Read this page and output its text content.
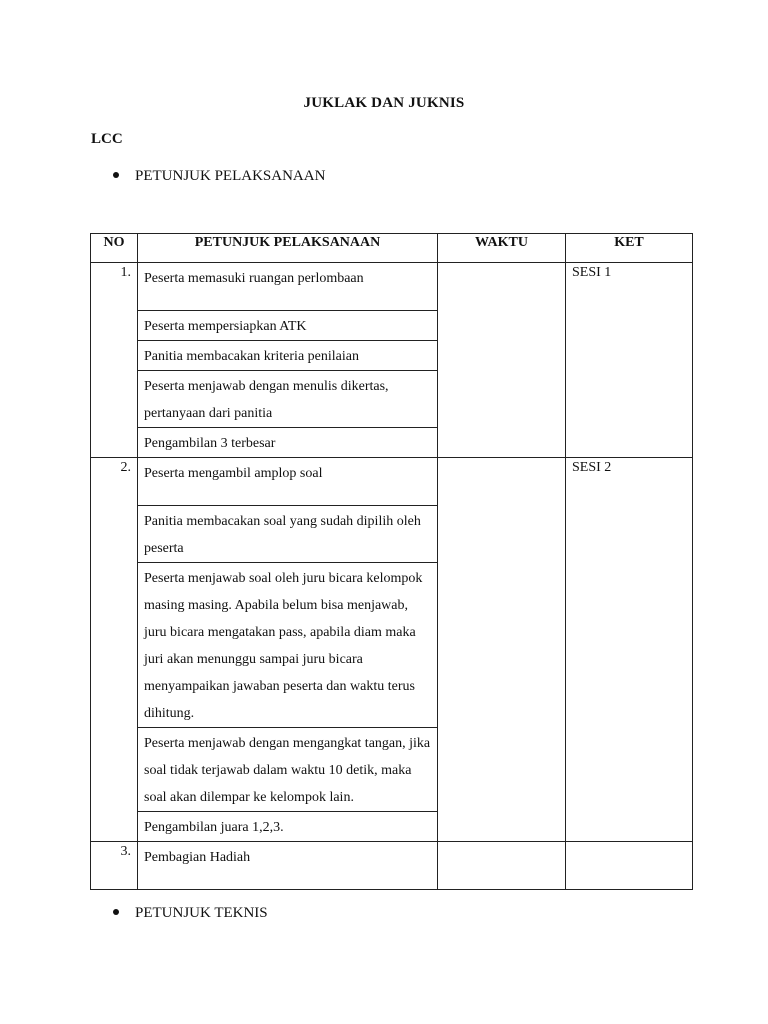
JUKLAK DAN JUKNIS
LCC
PETUNJUK PELAKSANAAN
NO	PETUNJUK PELAKSANAAN	WAKTU	KET
1.	Peserta memasuki ruangan perlombaan		SESI 1
	Peserta mempersiapkan ATK		
	Panitia membacakan kriteria penilaian		
	Peserta menjawab dengan menulis dikertas, pertanyaan dari panitia		
	Pengambilan 3 terbesar		
2.	Peserta mengambil amplop soal		SESI 2
	Panitia membacakan soal yang sudah dipilih oleh peserta		
	Peserta menjawab soal oleh juru bicara kelompok masing masing. Apabila belum bisa menjawab, juru bicara mengatakan pass, apabila diam maka juri akan menunggu sampai juru bicara menyampaikan jawaban peserta dan waktu terus dihitung.		
	Peserta menjawab dengan mengangkat tangan, jika soal tidak terjawab dalam waktu 10 detik, maka soal akan dilempar ke kelompok lain.		
	Pengambilan juara 1,2,3.		
3.	Pembagian Hadiah		
PETUNJUK TEKNIS
